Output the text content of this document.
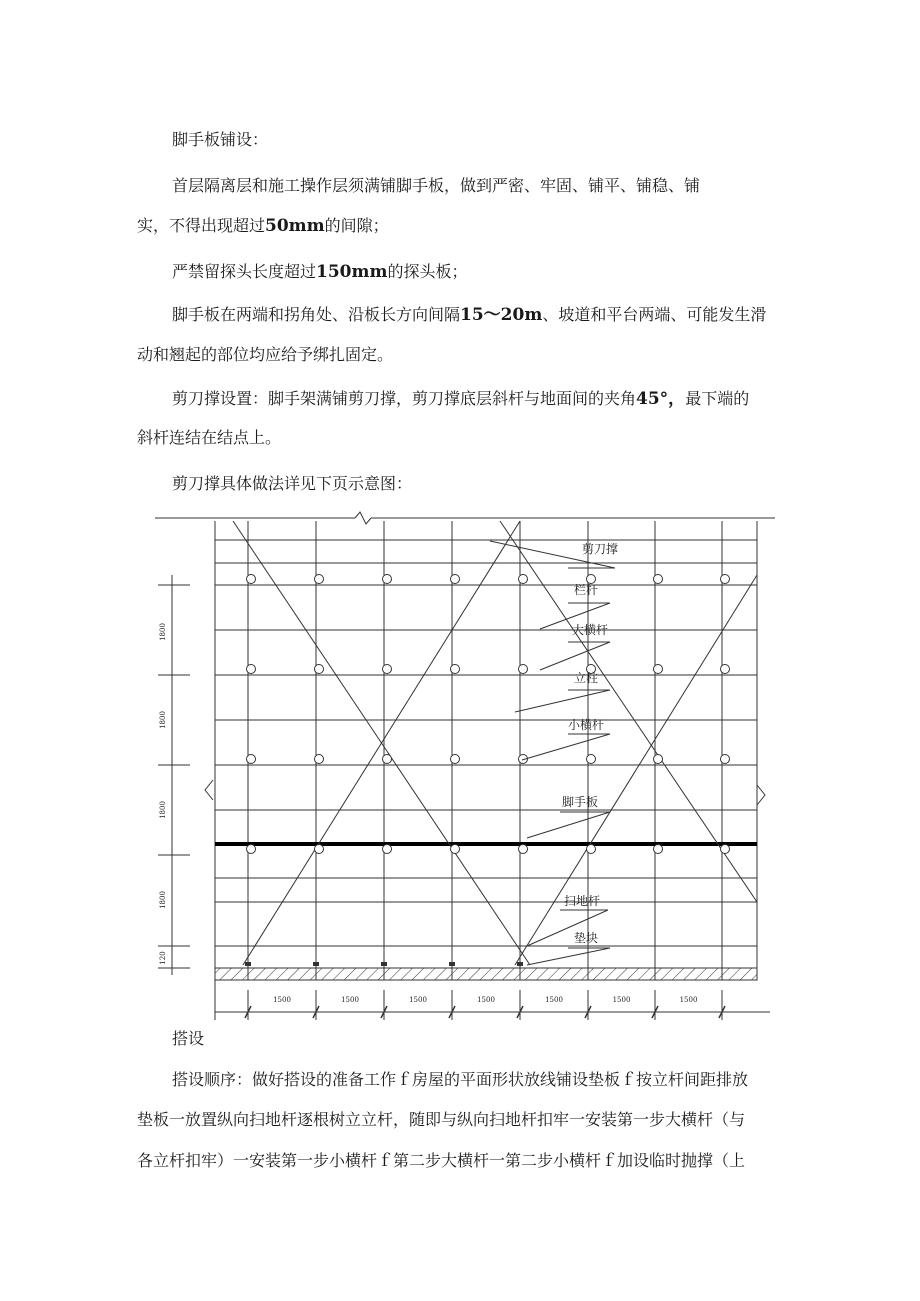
脚手板铺设：

首层隔离层和施工操作层须满铺脚手板，做到严密、牢固、铺平、铺稳、铺

实，不得出现超过50mm的间隙；

严禁留探头长度超过150mm的探头板；

脚手板在两端和拐角处、沿板长方向间隔15～20m、坡道和平台两端、可能发生滑

动和翘起的部位均应给予绑扎固定。

剪刀撑设置：脚手架满铺剪刀撑，剪刀撑底层斜杆与地面间的夹角45°，最下端的

斜杆连结在结点上。

剪刀撑具体做法详见下页示意图：

搭设

搭设顺序：做好搭设的准备工作ｆ房屋的平面形状放线铺设垫板ｆ按立杆间距排放

垫板一放置纵向扫地杆逐根树立立杆，随即与纵向扫地杆扣牢一安装第一步大横杆（与

各立杆扣牢）一安装第一步小横杆ｆ第二步大横杆一第二步小横杆ｆ加设临时抛撑（上

剪刀撑
栏杆
大横杆
立柱
小横杆
脚手板
扫地杆
垫块
1800
1800
1800
1800
120
1500	1500	1500	1500	1500	1500	1500
